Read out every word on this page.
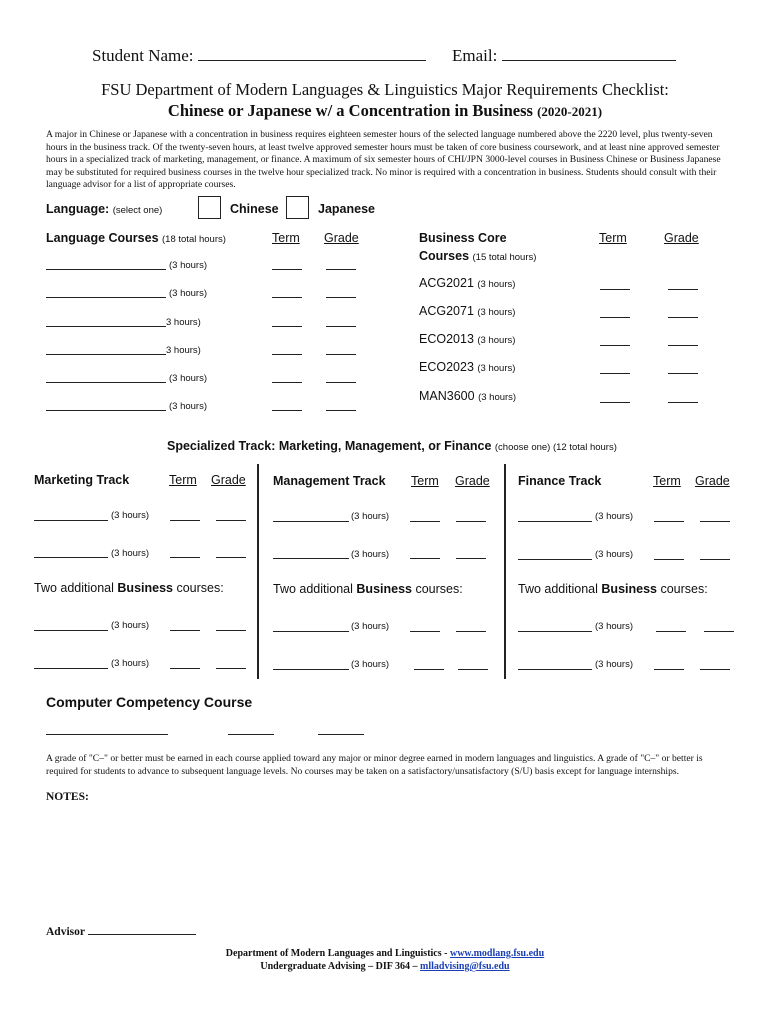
Student Name:	Email:
FSU Department of Modern Languages & Linguistics Major Requirements Checklist:
Chinese or Japanese w/ a Concentration in Business (2020-2021)
A major in Chinese or Japanese with a concentration in business requires eighteen semester hours of the selected language numbered above the 2220 level, plus twenty-seven hours in the business track. Of the twenty-seven hours, at least twelve approved semester hours must be taken of core business coursework, and at least nine approved semester hours in a specialized track of marketing, management, or finance. A maximum of six semester hours of CHI/JPN 3000-level courses in Business Chinese or Business Japanese may be substituted for required business courses in the twelve hour specialized track. No minor is required with a concentration in business. Students should consult with their language advisor for a list of appropriate courses.
Language: (select one)	Chinese	Japanese
Language Courses (18 total hours)	Term Grade
(3 hours)
(3 hours)
3 hours)
3 hours)
(3 hours)
(3 hours)
Business Core
Courses (15 total hours)
Term	Grade
ACG2021 (3 hours)
ACG2071 (3 hours)
ECO2013 (3 hours)
ECO2023 (3 hours)
MAN3600 (3 hours)
Specialized Track: Marketing, Management, or Finance (choose one) (12 total hours)
Marketing Track	Term Grade
(3 hours)
(3 hours)
Two additional Business courses:
(3 hours)
(3 hours)
Management Track Term Grade
(3 hours)
(3 hours)
Two additional Business courses:
(3 hours)
(3 hours)
Finance Track	Term Grade
(3 hours)
(3 hours)
Two additional Business courses:
(3 hours)
(3 hours)
Computer Competency Course
A grade of "C–" or better must be earned in each course applied toward any major or minor degree earned in modern languages and linguistics. A grade of "C–" or better is required for students to advance to subsequent language levels. No courses may be taken on a satisfactory/unsatisfactory (S/U) basis except for language internships.
NOTES:
Advisor
Department of Modern Languages and Linguistics - www.modlang.fsu.edu
Undergraduate Advising – DIF 364 – mlladvising@fsu.edu
